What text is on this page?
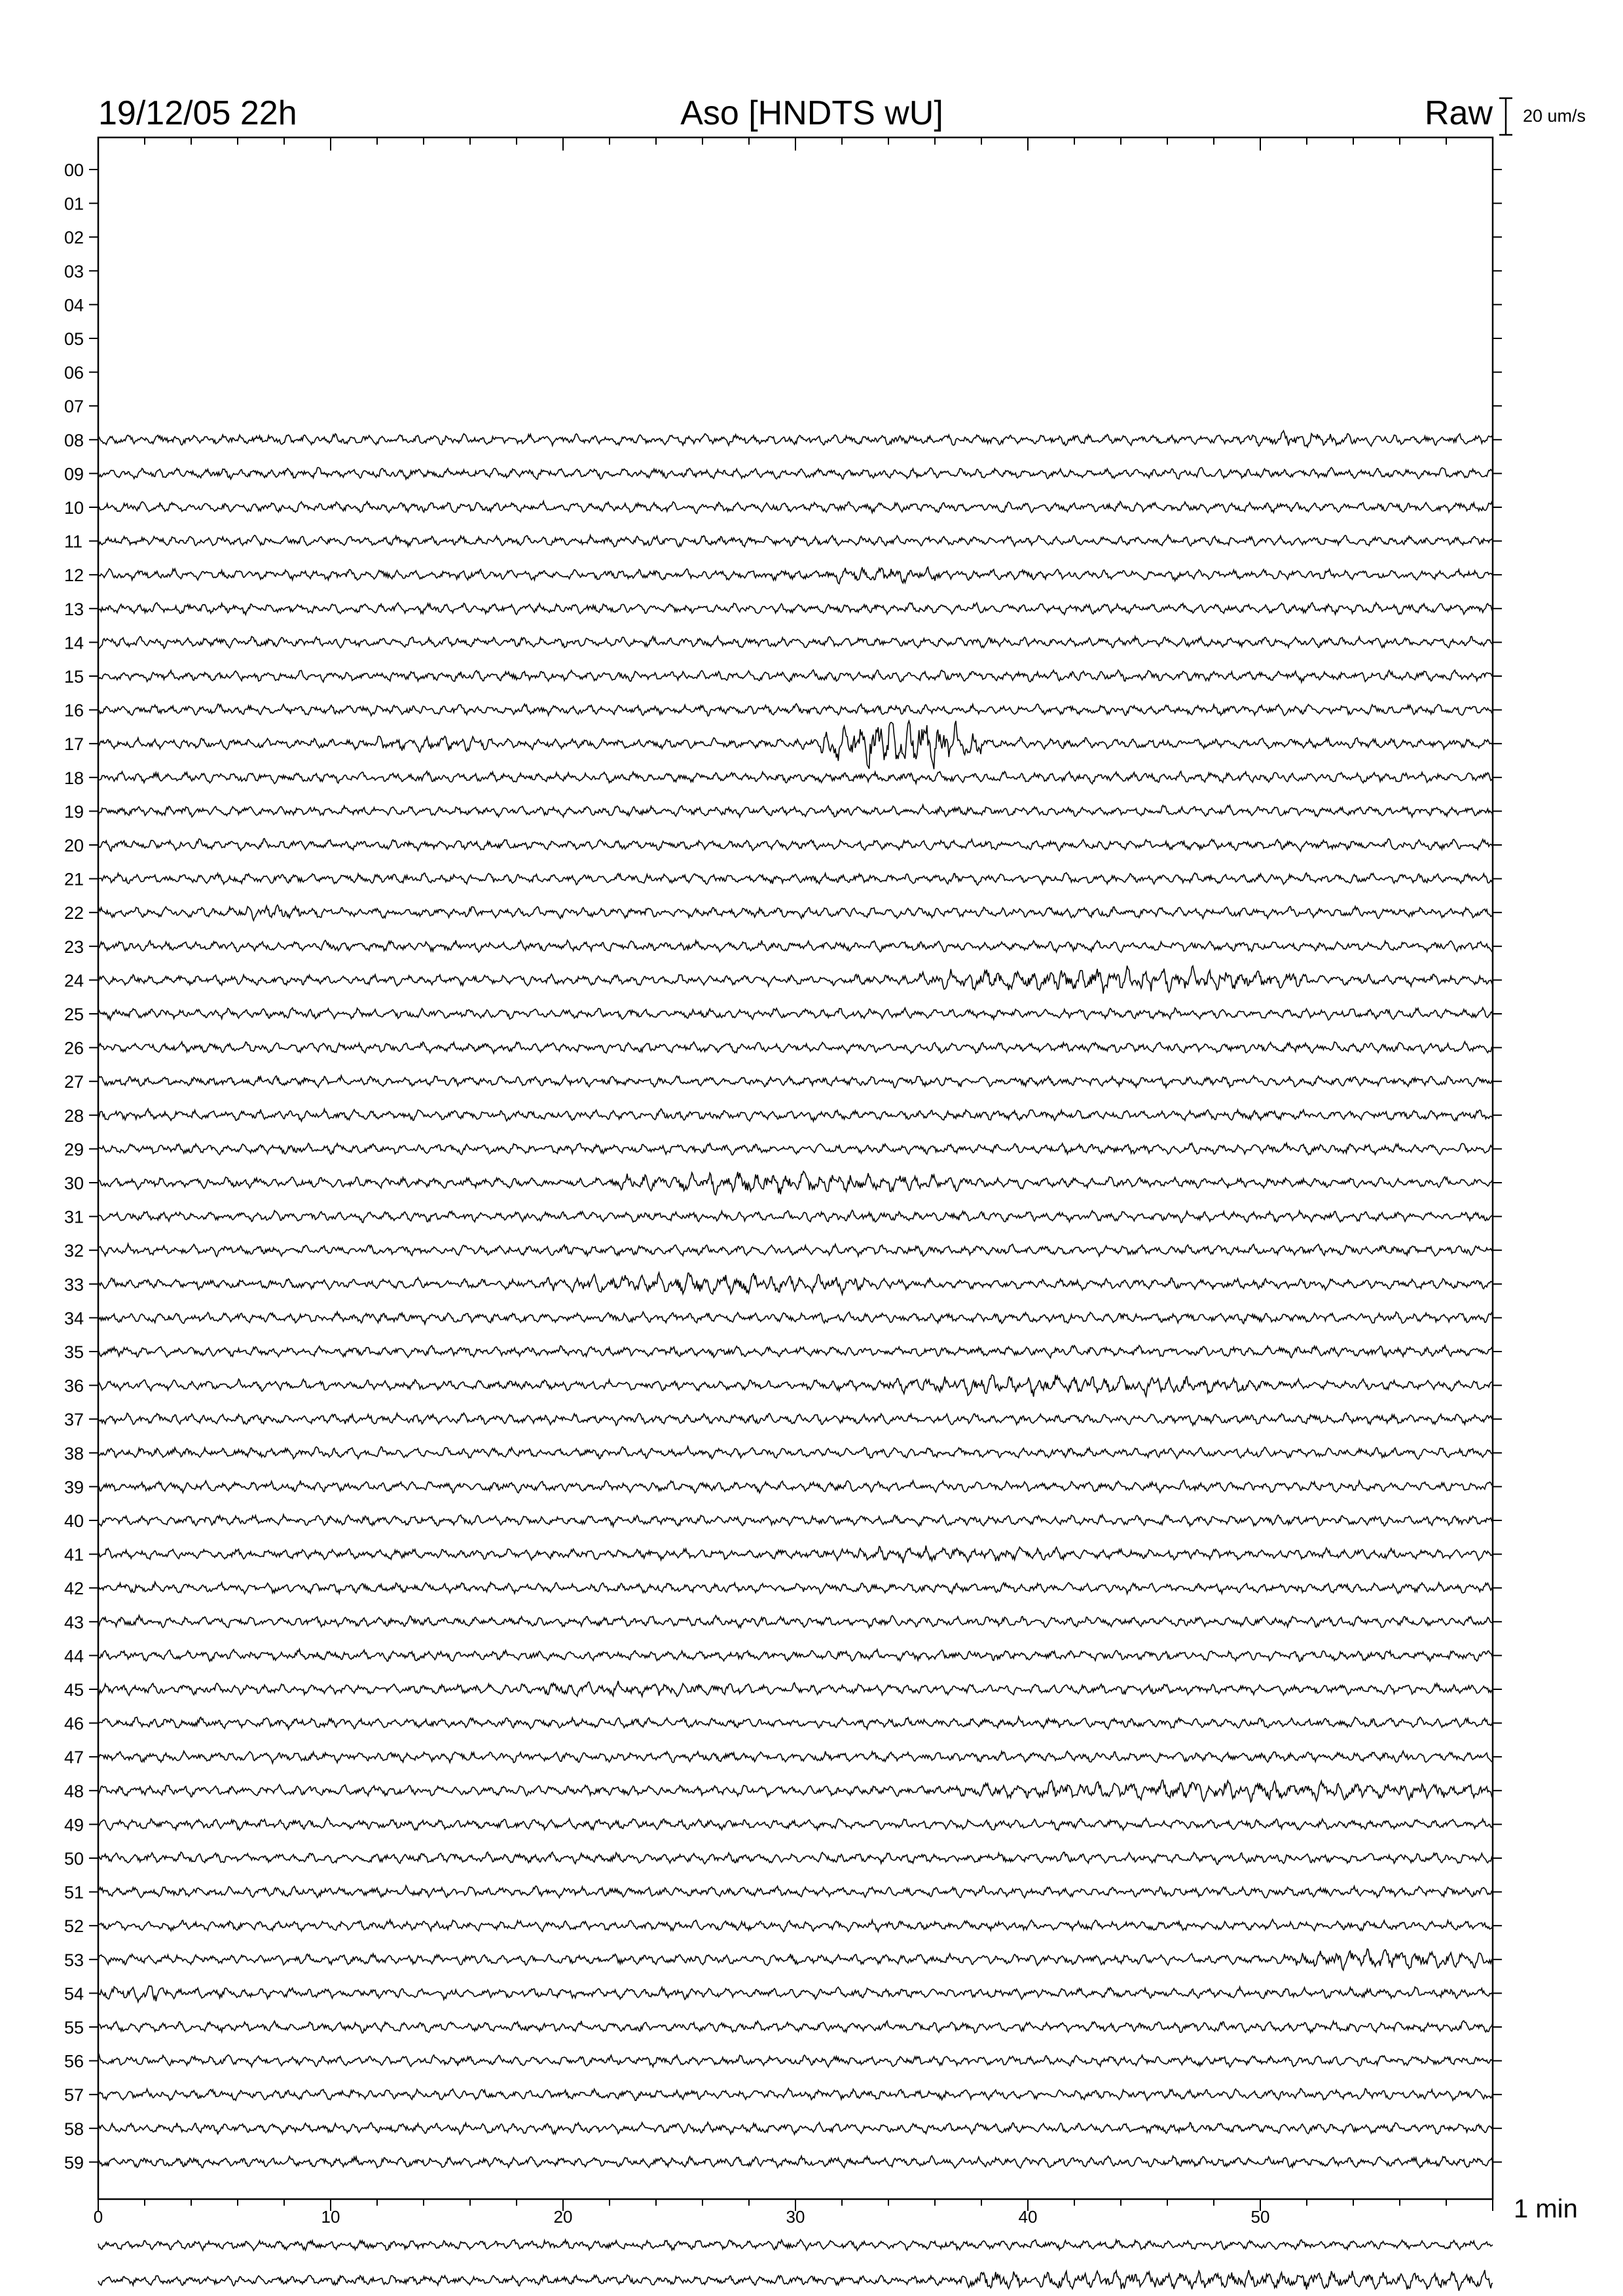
19/12/05 22h	Aso [HNDTS wU]	Raw 20 um/s
1 min
00
01
02
03
04
05
06
07
08
09
10
11
12
13
14
15
16
17
18
19
20
21
22
23
24
25
26
27
28
29
30
31
32
33
34
35
36
37
38
39
40
41
42
43
44
45
46
47
48
49
50
51
52
53
54
55
56
57
58
59
0	10	20	30	40	50
